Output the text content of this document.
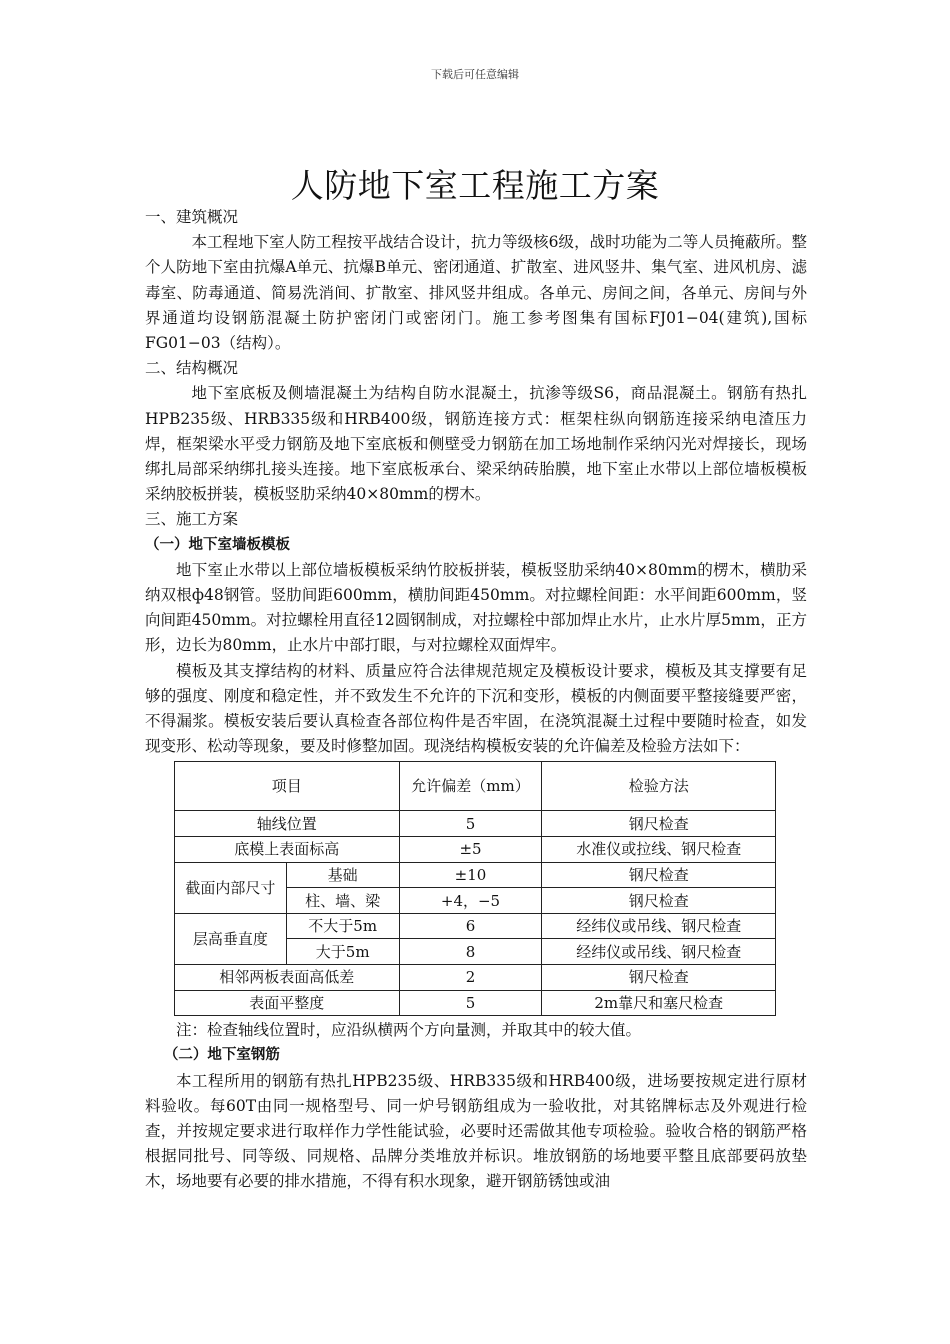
下载后可任意编辑
人防地下室工程施工方案

一、建筑概况

本工程地下室人防工程按平战结合设计，抗力等级核6级，战时功能为二等人员掩蔽所。整个人防地下室由抗爆A单元、抗爆B单元、密闭通道、扩散室、进风竖井、集气室、进风机房、滤毒室、防毒通道、简易洗消间、扩散室、排风竖井组成。各单元、房间之间，各单元、房间与外界通道均设钢筋混凝土防护密闭门或密闭门。施工参考图集有国标FJ01−04(建筑),国标FG01−03（结构）。

二、结构概况

地下室底板及侧墙混凝土为结构自防水混凝土，抗渗等级S6，商品混凝土。钢筋有热扎HPB235级、HRB335级和HRB400级，钢筋连接方式：框架柱纵向钢筋连接采纳电渣压力焊，框架梁水平受力钢筋及地下室底板和侧壁受力钢筋在加工场地制作采纳闪光对焊接长，现场绑扎局部采纳绑扎接头连接。地下室底板承台、梁采纳砖胎膜，地下室止水带以上部位墙板模板采纳胶板拼装，模板竖肋采纳40×80mm的楞木。

三、施工方案

（一）地下室墙板模板

地下室止水带以上部位墙板模板采纳竹胶板拼装，模板竖肋采纳40×80mm的楞木，横肋采纳双根ф48钢管。竖肋间距600mm，横肋间距450mm。对拉螺栓间距：水平间距600mm，竖向间距450mm。对拉螺栓用直径12圆钢制成，对拉螺栓中部加焊止水片，止水片厚5mm，正方形，边长为80mm，止水片中部打眼，与对拉螺栓双面焊牢。

模板及其支撑结构的材料、质量应符合法律规范规定及模板设计要求，模板及其支撑要有足够的强度、刚度和稳定性，并不致发生不允许的下沉和变形，模板的内侧面要平整接缝要严密，不得漏浆。模板安装后要认真检查各部位构件是否牢固，在浇筑混凝土过程中要随时检查，如发现变形、松动等现象，要及时修整加固。现浇结构模板安装的允许偏差及检验方法如下：

项目		允许偏差（mm）	检验方法
轴线位置		5	钢尺检查
底模上表面标高		±5	水准仪或拉线、钢尺检查
截面内部尺寸	基础	±10	钢尺检查
	柱、墙、梁	+4，−5	钢尺检查
层高垂直度	不大于5m	6	经纬仪或吊线、钢尺检查
	大于5m	8	经纬仪或吊线、钢尺检查
相邻两板表面高低差		2	钢尺检查
表面平整度		5	2m靠尺和塞尺检查

注：检查轴线位置时，应沿纵横两个方向量测，并取其中的较大值。

（二）地下室钢筋

本工程所用的钢筋有热扎HPB235级、HRB335级和HRB400级，进场要按规定进行原材料验收。每60T由同一规格型号、同一炉号钢筋组成为一验收批，对其铭牌标志及外观进行检查，并按规定要求进行取样作力学性能试验，必要时还需做其他专项检验。验收合格的钢筋严格根据同批号、同等级、同规格、品牌分类堆放并标识。堆放钢筋的场地要平整且底部要码放垫木，场地要有必要的排水措施，不得有积水现象，避开钢筋锈蚀或油
